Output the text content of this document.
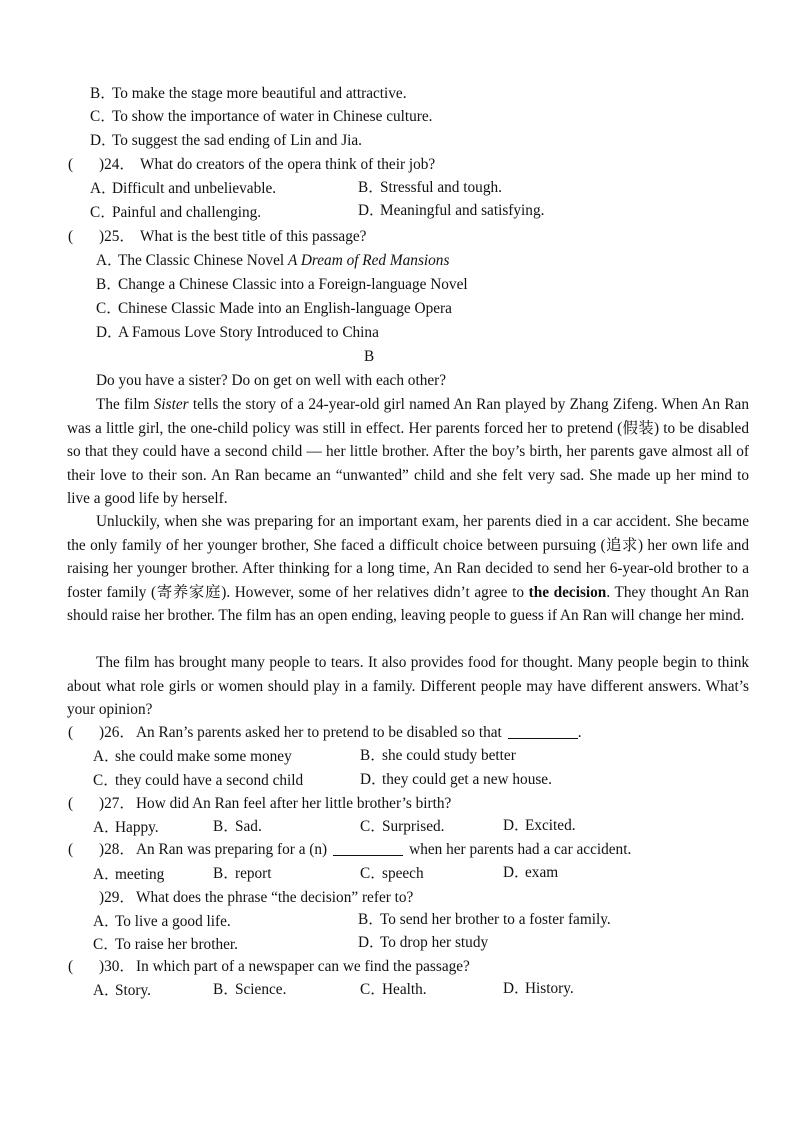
B．To make the stage more beautiful and attractive.
C．To show the importance of water in Chinese culture.
D．To suggest the sad ending of Lin and Jia.
( )24． What do creators of the opera think of their job?
A．Difficult and unbelievable.	B．Stressful and tough.
C．Painful and challenging.	D．Meaningful and satisfying.
( )25． What is the best title of this passage?
A．The Classic Chinese Novel A Dream of Red Mansions
B．Change a Chinese Classic into a Foreign-language Novel
C．Chinese Classic Made into an English-language Opera
D．A Famous Love Story Introduced to China
B
Do you have a sister? Do on get on well with each other?
The film Sister tells the story of a 24-year-old girl named An Ran played by Zhang Zifeng. When An Ran was a little girl, the one-child policy was still in effect. Her parents forced her to pretend (假装) to be disabled so that they could have a second child — her little brother. After the boy’s birth, her parents gave almost all of their love to their son. An Ran became an “unwanted” child and she felt very sad. She made up her mind to live a good life by herself.
Unluckily, when she was preparing for an important exam, her parents died in a car accident. She became the only family of her younger brother, She faced a difficult choice between pursuing (追求) her own life and raising her younger brother. After thinking for a long time, An Ran decided to send her 6-year-old brother to a foster family (寄养家庭). However, some of her relatives didn’t agree to the decision. They thought An Ran should raise her brother. The film has an open ending, leaving people to guess if An Ran will change her mind.
The film has brought many people to tears. It also provides food for thought. Many people begin to think about what role girls or women should play in a family. Different people may have different answers. What’s your opinion?
( )26． An Ran’s parents asked her to pretend to be disabled so that	.
A．she could make some money	B．she could study better
C．they could have a second child	D．they could get a new house.
( )27． How did An Ran feel after her little brother’s birth?
A．Happy.	B．Sad.	C．Surprised.	D．Excited.
( )28． An Ran was preparing for a (n)	when her parents had a car accident.
A．meeting	B．report	C．speech	D．exam
)29． What does the phrase “the decision” refer to?
A．To live a good life.	B．To send her brother to a foster family.
C．To raise her brother.	D．To drop her study
( )30． In which part of a newspaper can we find the passage?
A．Story.	B．Science.	C．Health.	D．History.
